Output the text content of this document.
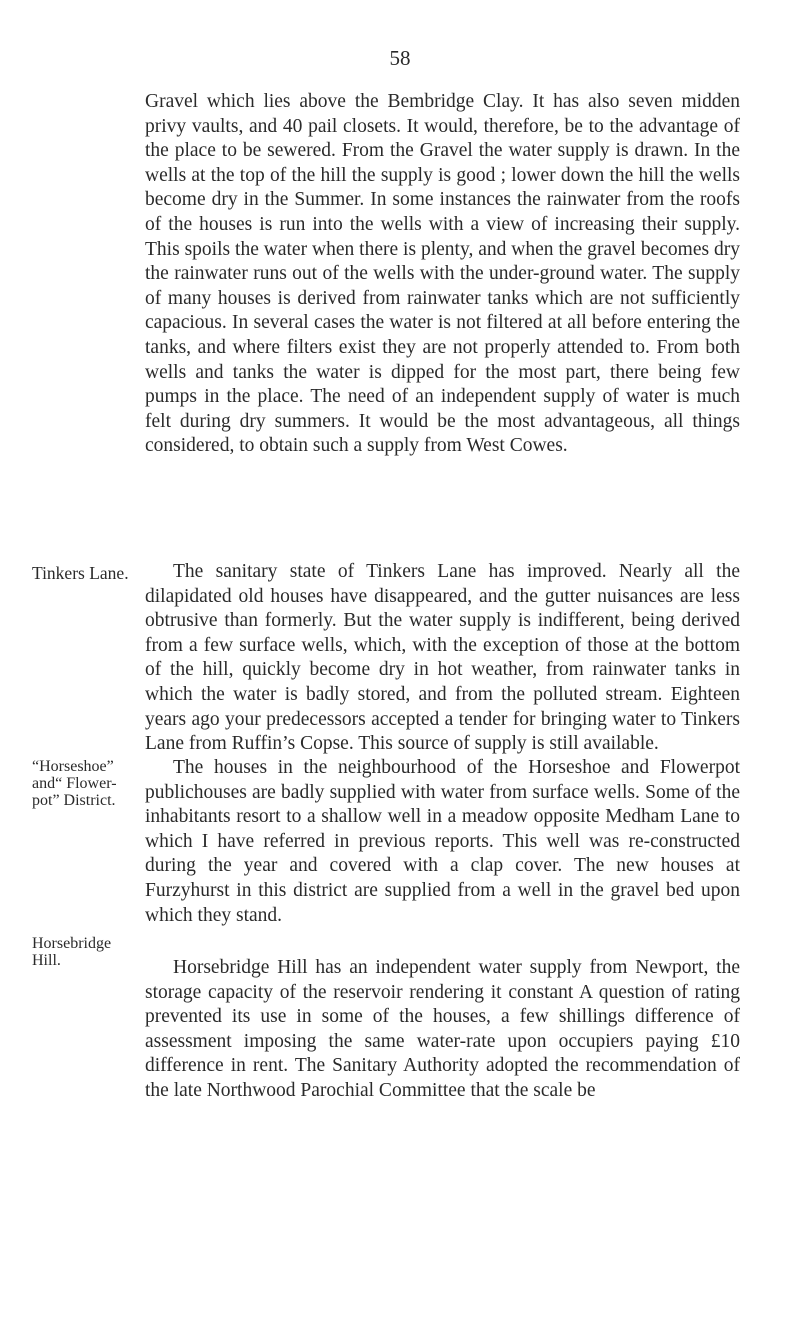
58

Gravel which lies above the Bembridge Clay. It has also seven midden privy vaults, and 40 pail closets. It would, therefore, be to the advantage of the place to be sewered. From the Gravel the water supply is drawn. In the wells at the top of the hill the supply is good ; lower down the hill the wells become dry in the Summer. In some instances the rainwater from the roofs of the houses is run into the wells with a view of increasing their supply. This spoils the water when there is plenty, and when the gravel becomes dry the rainwater runs out of the wells with the under-ground water. The supply of many houses is derived from rainwater tanks which are not sufficiently capacious. In several cases the water is not filtered at all before entering the tanks, and where filters exist they are not properly attended to. From both wells and tanks the water is dipped for the most part, there being few pumps in the place. The need of an independent supply of water is much felt during dry summers. It would be the most advantageous, all things considered, to obtain such a supply from West Cowes.

Tinkers Lane.	The sanitary state of Tinkers Lane has improved. Nearly all the dilapidated old houses have disappeared, and the gutter nuisances are less obtrusive than formerly. But the water supply is indifferent, being derived from a few surface wells, which, with the exception of those at the bottom of the hill, quickly become dry in hot weather, from rainwater tanks in which the water is badly stored, and from the polluted stream. Eighteen years ago your predecessors accepted a tender for bringing water to Tinkers Lane from Ruffin’s Copse. This source of supply is still available.

“Horseshoe” and“ Flower-pot” District.

The houses in the neighbourhood of the Horseshoe and Flowerpot publichouses are badly supplied with water from surface wells. Some of the inhabitants resort to a shallow well in a meadow opposite Medham Lane to which I have referred in previous reports. This well was re-constructed during the year and covered with a clap cover. The new houses at Furzyhurst in this district are supplied from a well in the gravel bed upon which they stand.

Horsebridge Hill.	Horsebridge Hill has an independent water supply from Newport, the storage capacity of the reservoir rendering it constant A question of rating prevented its use in some of the houses, a few shillings difference of assessment imposing the same water-rate upon occupiers paying £10 difference in rent. The Sanitary Authority adopted the recommendation of the late Northwood Parochial Committee that the scale be
